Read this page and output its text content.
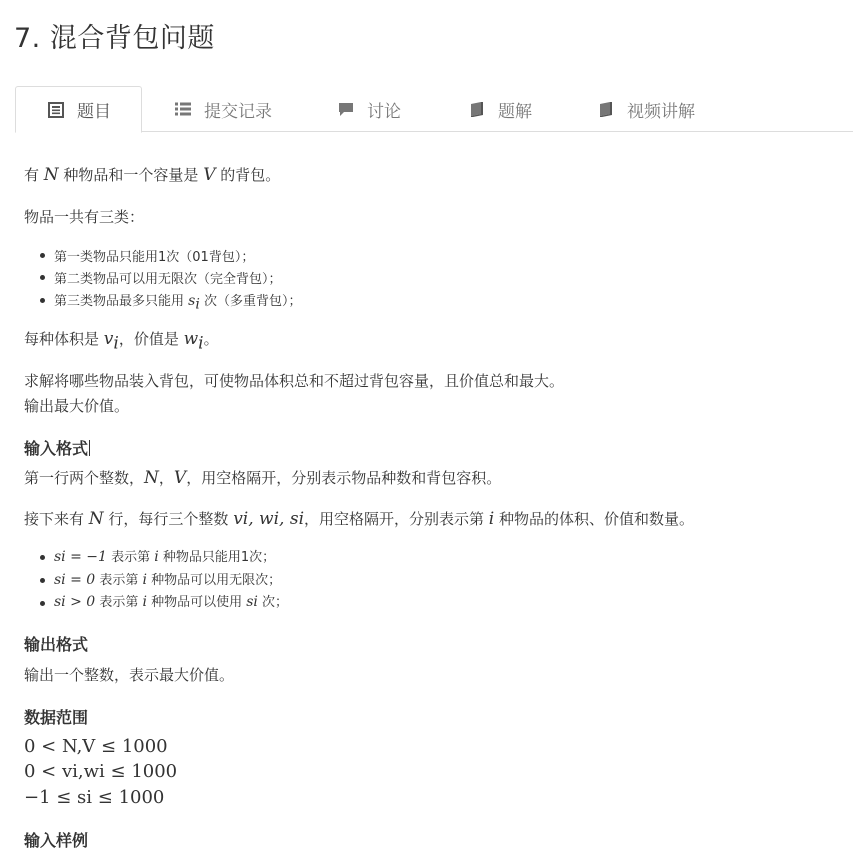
7. 混合背包问题
题目	提交记录	讨论	题解	视频讲解
有 N 种物品和一个容量是 V 的背包。
物品一共有三类：
第一类物品只能用1次（01背包）；
第二类物品可以用无限次（完全背包）；
第三类物品最多只能用 $s_i$ 次（多重背包）；
每种体积是 $v_i$，价值是 $w_i$。
求解将哪些物品装入背包，可使物品体积总和不超过背包容量，且价值总和最大。
输出最大价值。
输入格式
第一行两个整数，N，V，用空格隔开，分别表示物品种数和背包容积。
接下来有 N 行，每行三个整数 vi, wi, si，用空格隔开，分别表示第 i 种物品的体积、价值和数量。
si = −1 表示第 i 种物品只能用1次；
si = 0 表示第 i 种物品可以用无限次；
si > 0 表示第 i 种物品可以使用 si 次；
输出格式
输出一个整数，表示最大价值。
数据范围
0 < N,V ≤ 1000
0 < vi,wi ≤ 1000
−1 ≤ si ≤ 1000
输入样例
